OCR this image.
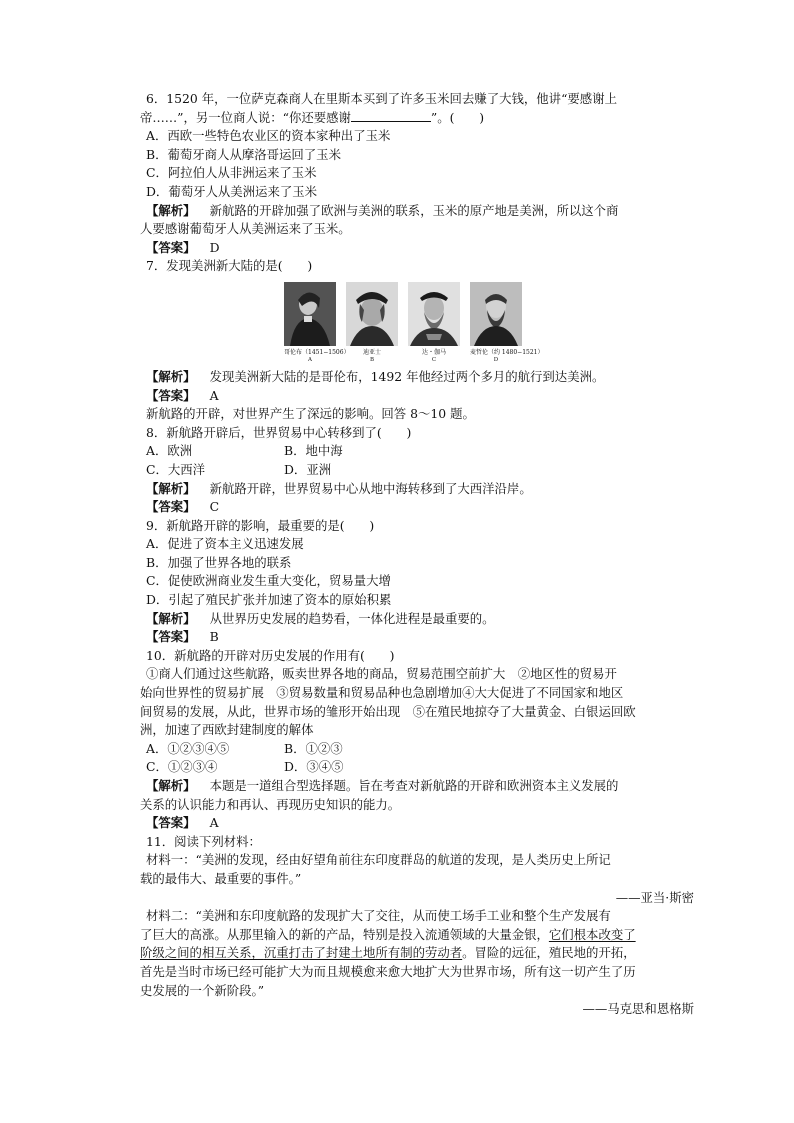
6．1520 年，一位萨克森商人在里斯本买到了许多玉米回去赚了大钱，他讲“要感谢上
帝……”，另一位商人说：“你还要感谢	”。(　　)
A．西欧一些特色农业区的资本家种出了玉米
B．葡萄牙商人从摩洛哥运回了玉米
C．阿拉伯人从非洲运来了玉米
D．葡萄牙人从美洲运来了玉米
【解析】 新航路的开辟加强了欧洲与美洲的联系，玉米的原产地是美洲，所以这个商
人要感谢葡萄牙人从美洲运来了玉米。
【答案】 D
7．发现美洲新大陆的是(　　)
哥伦布（1451−1506）
A
迪亚士
B
达・伽马
C
麦哲伦（约 1480−1521）
D
【解析】 发现美洲新大陆的是哥伦布，1492 年他经过两个多月的航行到达美洲。
【答案】 A
新航路的开辟，对世界产生了深远的影响。回答 8～10 题。
8．新航路开辟后，世界贸易中心转移到了(　　)
A．欧洲	B．地中海
C．大西洋	D．亚洲
【解析】 新航路开辟，世界贸易中心从地中海转移到了大西洋沿岸。
【答案】 C
9．新航路开辟的影响，最重要的是(　　)
A．促进了资本主义迅速发展
B．加强了世界各地的联系
C．促使欧洲商业发生重大变化，贸易量大增
D．引起了殖民扩张并加速了资本的原始积累
【解析】 从世界历史发展的趋势看，一体化进程是最重要的。
【答案】 B
10．新航路的开辟对历史发展的作用有(　　)
①商人们通过这些航路，贩卖世界各地的商品，贸易范围空前扩大　②地区性的贸易开
始向世界性的贸易扩展　③贸易数量和贸易品种也急剧增加④大大促进了不同国家和地区
间贸易的发展，从此，世界市场的雏形开始出现　⑤在殖民地掠夺了大量黄金、白银运回欧
洲，加速了西欧封建制度的解体
A．①②③④⑤	B．①②③
C．①②③④	D．③④⑤
【解析】 本题是一道组合型选择题。旨在考查对新航路的开辟和欧洲资本主义发展的
关系的认识能力和再认、再现历史知识的能力。
【答案】 A
11．阅读下列材料：
材料一：“美洲的发现，经由好望角前往东印度群岛的航道的发现，是人类历史上所记
载的最伟大、最重要的事件。”
——亚当·斯密
材料二：“美洲和东印度航路的发现扩大了交往，从而使工场手工业和整个生产发展有
了巨大的高涨。从那里输入的新的产品，特别是投入流通领域的大量金银，它们根本改变了
阶级之间的相互关系，沉重打击了封建土地所有制的劳动者。冒险的远征，殖民地的开拓，
首先是当时市场已经可能扩大为而且规模愈来愈大地扩大为世界市场，所有这一切产生了历
史发展的一个新阶段。”
——马克思和恩格斯
